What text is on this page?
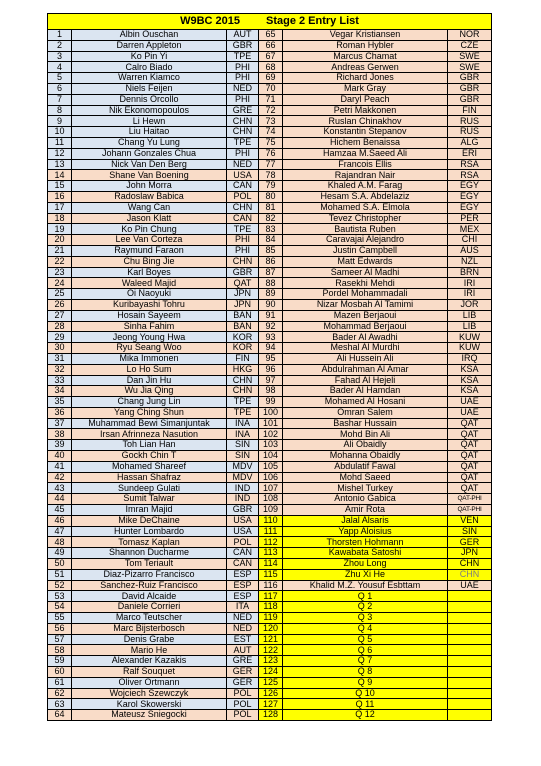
W9BC 2015 Stage 2 Entry List					
1	Albin Ouschan	AUT	65	Vegar Kristiansen	NOR
2	Darren Appleton	GBR	66	Roman Hybler	CZE
3	Ko Pin Yi	TPE	67	Marcus Chamat	SWE
4	Calro Biado	PHI	68	Andreas Gerwen	SWE
5	Warren Kiamco	PHI	69	Richard Jones	GBR
6	Niels Feijen	NED	70	Mark Gray	GBR
7	Dennis Orcollo	PHI	71	Daryl Peach	GBR
8	Nik Ekonomopoulos	GRE	72	Petri Makkonen	FIN
9	Li Hewn	CHN	73	Ruslan Chinakhov	RUS
10	Liu Haitao	CHN	74	Konstantin Stepanov	RUS
11	Chang Yu Lung	TPE	75	Hichem Benaissa	ALG
12	Johann Gonzales Chua	PHI	76	Hamzaa M.Saeed Ali	ERI
13	Nick Van Den Berg	NED	77	Francois Ellis	RSA
14	Shane Van Boening	USA	78	Rajandran Nair	RSA
15	John Morra	CAN	79	Khaled A.M. Farag	EGY
16	Radoslaw Babica	POL	80	Hesam S.A. Abdelaziz	EGY
17	Wang Can	CHN	81	Mohamed S.A. Elmola	EGY
18	Jason Klatt	CAN	82	Tevez Christopher	PER
19	Ko Pin Chung	TPE	83	Bautista Ruben	MEX
20	Lee Van Corteza	PHI	84	Caravajai Alejandro	CHI
21	Raymund Faraon	PHI	85	Justin Campbell	AUS
22	Chu Bing Jie	CHN	86	Matt Edwards	NZL
23	Karl Boyes	GBR	87	Sameer Al Madhi	BRN
24	Waleed Majid	QAT	88	Rasekhi Mehdi	IRI
25	Oi Naoyuki	JPN	89	Pordel Mohammadali	IRI
26	Kuribayashi Tohru	JPN	90	Nizar Mosbah Al Tamimi	JOR
27	Hosain Sayeem	BAN	91	Mazen Berjaoui	LIB
28	Sinha Fahim	BAN	92	Mohammad Berjaoui	LIB
29	Jeong Young Hwa	KOR	93	Bader Al Awadhi	KUW
30	Ryu Seang Woo	KOR	94	Meshal Al Murdhi	KUW
31	Mika Immonen	FIN	95	Ali Hussein Ali	IRQ
32	Lo Ho Sum	HKG	96	Abdulrahman Al Amar	KSA
33	Dan Jin Hu	CHN	97	Fahad Al Hejeli	KSA
34	Wu Jia Qing	CHN	98	Bader Al Hamdan	KSA
35	Chang Jung Lin	TPE	99	Mohamed Al Hosani	UAE
36	Yang Ching Shun	TPE	100	Omran Salem	UAE
37	Muhammad Bewi Simanjuntak	INA	101	Bashar Hussain	QAT
38	Irsan Afrinneza Nasution	INA	102	Mohd Bin Ali	QAT
39	Toh Lian Han	SIN	103	Ali Obaidly	QAT
40	Gockh Chin T	SIN	104	Mohanna Obaidly	QAT
41	Mohamed Shareef	MDV	105	Abdulatif Fawal	QAT
42	Hassan Shafraz	MDV	106	Mohd Saeed	QAT
43	Sundeep Gulati	IND	107	Mishel Turkey	QAT
44	Sumit Talwar	IND	108	Antonio Gabica	QAT-PHI
45	Imran Majid	GBR	109	Amir Rota	QAT-PHI
46	Mike DeChaine	USA	110	Jalal Alsaris	VEN
47	Hunter Lombardo	USA	111	Yapp Aloisius	SIN
48	Tomasz Kaplan	POL	112	Thorsten Hohmann	GER
49	Shannon Ducharme	CAN	113	Kawabata Satoshi	JPN
50	Tom Teriault	CAN	114	Zhou Long	CHN
51	Diaz-Pizarro Francisco	ESP	115	Zhu Xi He	CHN
52	Sanchez-Ruiz Francisco	ESP	116	Khalid M.Z. Yousuf Esbttam	UAE
53	David Alcaide	ESP	117	Q 1	
54	Daniele Corrieri	ITA	118	Q 2	
55	Marco Teutscher	NED	119	Q 3	
56	Marc Bijsterbosch	NED	120	Q 4	
57	Denis Grabe	EST	121	Q 5	
58	Mario He	AUT	122	Q 6	
59	Alexander Kazakis	GRE	123	Q 7	
60	Ralf Souquet	GER	124	Q 8	
61	Oliver Ortmann	GER	125	Q 9	
62	Wojciech Szewczyk	POL	126	Q 10	
63	Karol Skowerski	POL	127	Q 11	
64	Mateusz Sniegocki	POL	128	Q 12	
